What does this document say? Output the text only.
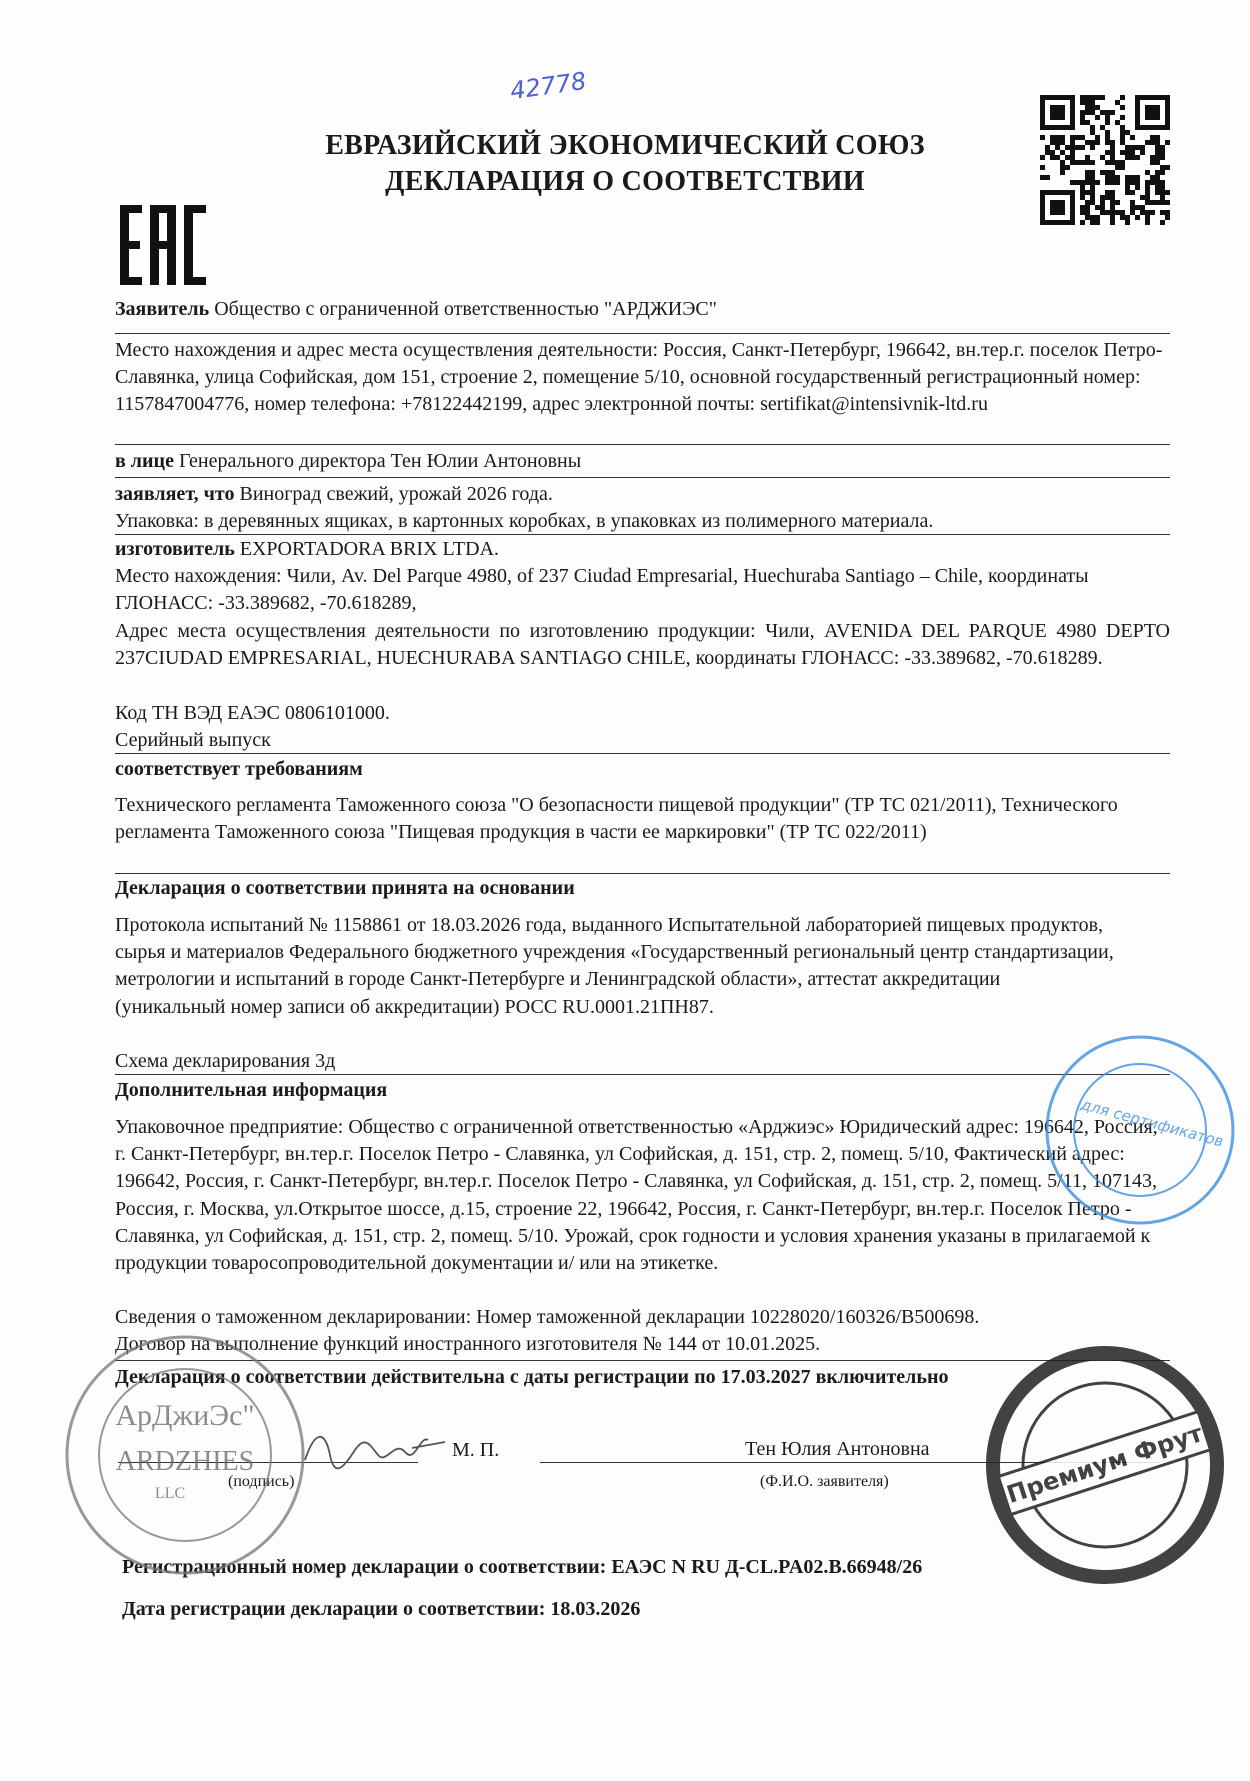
42778
ЕВРАЗИЙСКИЙ ЭКОНОМИЧЕСКИЙ СОЮЗ
ДЕКЛАРАЦИЯ О СООТВЕТСТВИИ
Заявитель Общество с ограниченной ответственностью "АРДЖИЭС"
Место нахождения и адрес места осуществления деятельности: Россия, Санкт-Петербург, 196642, вн.тер.г. поселок Петро-Славянка, улица Софийская, дом 151, строение 2, помещение 5/10, основной государственный регистрационный номер: 1157847004776, номер телефона: +78122442199, адрес электронной почты: sertifikat@intensivnik-ltd.ru
в лице Генерального директора Тен Юлии Антоновны
заявляет, что Виноград свежий, урожай 2026 года.
Упаковка: в деревянных ящиках, в картонных коробках, в упаковках из полимерного материала.
изготовитель EXPORTADORA BRIX LTDA.
Место нахождения: Чили, Av. Del Parque 4980, of 237 Ciudad Empresarial, Huechuraba Santiago – Chile, координаты ГЛОНАСС: -33.389682, -70.618289,
Адрес места осуществления деятельности по изготовлению продукции: Чили, AVENIDA DEL PARQUE 4980 DEPTO 237CIUDAD EMPRESARIAL, HUECHURABA SANTIAGO CHILE, координаты ГЛОНАСС: -33.389682, -70.618289.
Код ТН ВЭД ЕАЭС 0806101000.
Серийный выпуск
соответствует требованиям
Технического регламента Таможенного союза "О безопасности пищевой продукции" (ТР ТС 021/2011), Технического регламента Таможенного союза "Пищевая продукция в части ее маркировки" (ТР ТС 022/2011)
Декларация о соответствии принята на основании
Протокола испытаний № 1158861 от 18.03.2026 года, выданного Испытательной лабораторией пищевых продуктов, сырья и материалов Федерального бюджетного учреждения «Государственный региональный центр стандартизации, метрологии и испытаний в городе Санкт-Петербурге и Ленинградской области», аттестат аккредитации (уникальный номер записи об аккредитации) РОСС RU.0001.21ПН87.
Схема декларирования 3д
Дополнительная информация
Упаковочное предприятие: Общество с ограниченной ответственностью «Арджиэс» Юридический адрес: 196642, Россия, г. Санкт-Петербург, вн.тер.г. Поселок Петро - Славянка, ул Софийская, д. 151, стр. 2, помещ. 5/10, Фактический адрес: 196642, Россия, г. Санкт-Петербург, вн.тер.г. Поселок Петро - Славянка, ул Софийская, д. 151, стр. 2, помещ. 5/11, 107143, Россия, г. Москва, ул.Открытое шоссе, д.15, строение 22, 196642, Россия, г. Санкт-Петербург, вн.тер.г. Поселок Петро - Славянка, ул Софийская, д. 151, стр. 2, помещ. 5/10. Урожай, срок годности и условия хранения указаны в прилагаемой к продукции товаросопроводительной документации и/ или на этикетке.
Сведения о таможенном декларировании: Номер таможенной декларации 10228020/160326/B500698.
Договор на выполнение функций иностранного изготовителя № 144 от 10.01.2025.
Декларация о соответствии действительна с даты регистрации по 17.03.2027 включительно
М. П.
(подпись)
Тен Юлия Антоновна
(Ф.И.О. заявителя)
Регистрационный номер декларации о соответствии: ЕАЭС N RU Д-CL.PA02.B.66948/26
Дата регистрации декларации о соответствии: 18.03.2026
АрДжиЭс"
ARDZHIES
LLC
для сертификатов
«Премиум Фрут»
